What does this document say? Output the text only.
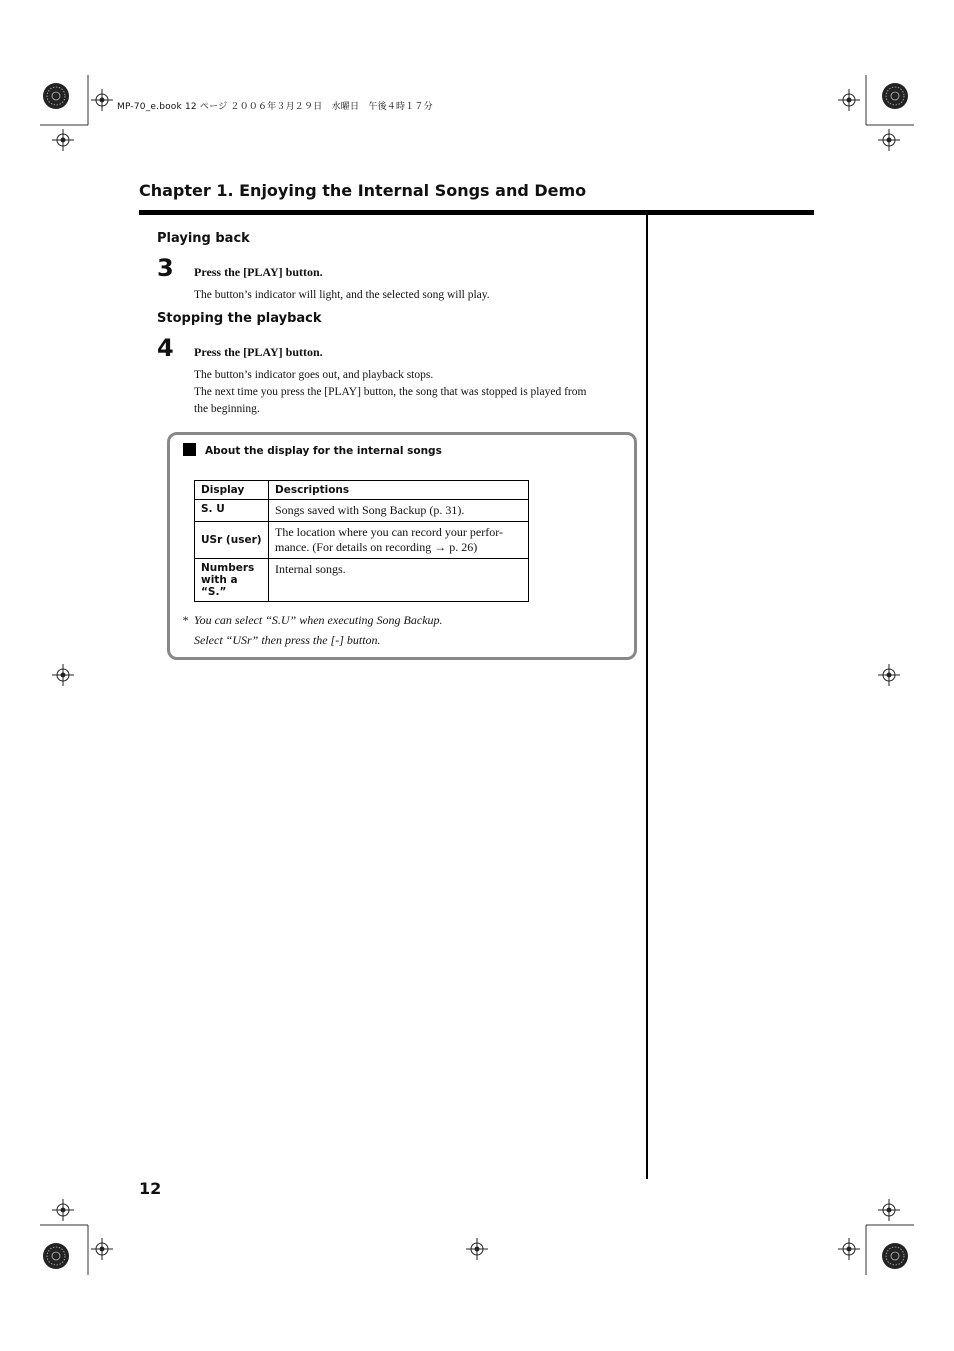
MP-70_e.book 12 ページ ２００６年３月２９日　水曜日　午後４時１７分
Chapter 1. Enjoying the Internal Songs and Demo
Playing back
3 Press the [PLAY] button.
The button’s indicator will light, and the selected song will play.
Stopping the playback
4 Press the [PLAY] button.
The button’s indicator goes out, and playback stops.
The next time you press the [PLAY] button, the song that was stopped is played from
the beginning.
About the display for the internal songs
Display	Descriptions
S. U	Songs saved with Song Backup (p. 31).
USr (user)	The location where you can record your perfor-
mance. (For details on recording → p. 26)

Numbers
with a “S.”	Internal songs.
* You can select “S.U” when executing Song Backup.
Select “USr” then press the [-] button.
12
